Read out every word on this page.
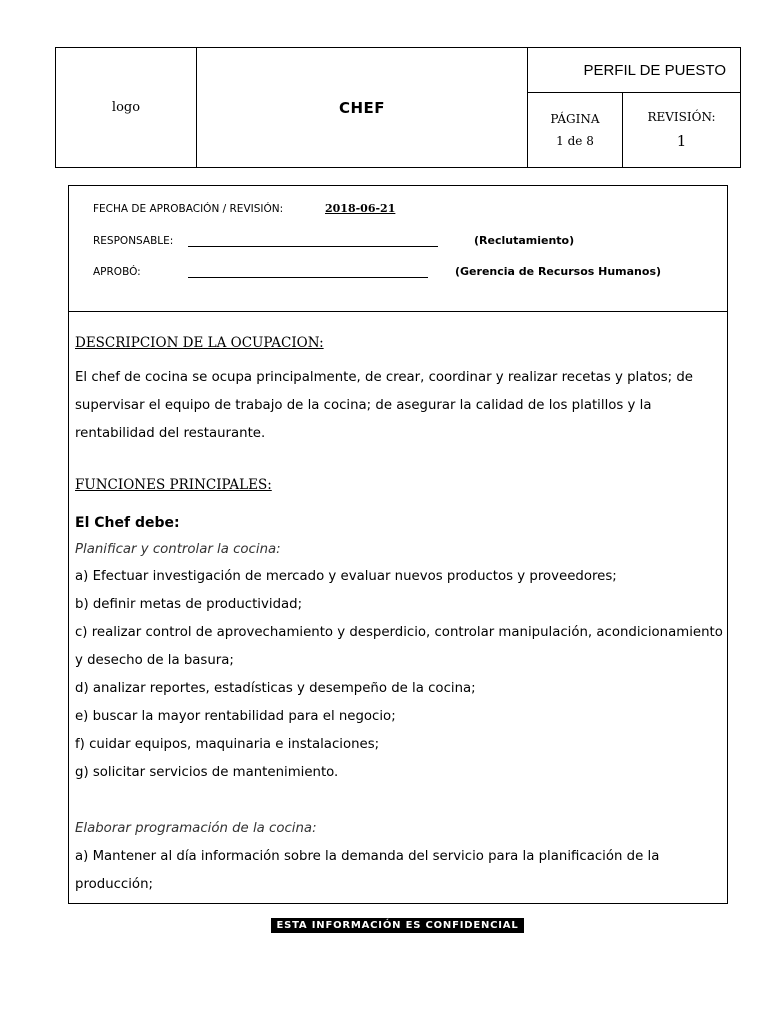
logo	CHEF
PERFIL DE PUESTO
PÁGINA
1 de 8
REVISIÓN:
1
FECHA DE APROBACIÓN / REVISIÓN:	2018-06-21
RESPONSABLE:	(Reclutamiento)
APROBÓ:	(Gerencia de Recursos Humanos)
DESCRIPCION DE LA OCUPACION:
El chef de cocina se ocupa principalmente, de crear, coordinar y realizar recetas y platos; de
supervisar el equipo de trabajo de la cocina; de asegurar la calidad de los platillos y la
rentabilidad del restaurante.
FUNCIONES PRINCIPALES:
El Chef debe:
Planificar y controlar la cocina:
a) Efectuar investigación de mercado y evaluar nuevos productos y proveedores;
b) definir metas de productividad;
c) realizar control de aprovechamiento y desperdicio, controlar manipulación, acondicionamiento
y desecho de la basura;
d) analizar reportes, estadísticas y desempeño de la cocina;
e) buscar la mayor rentabilidad para el negocio;
f) cuidar equipos, maquinaria e instalaciones;
g) solicitar servicios de mantenimiento.
Elaborar programación de la cocina:
a) Mantener al día información sobre la demanda del servicio para la planificación de la
producción;
ESTA INFORMACIÓN ES CONFIDENCIAL
